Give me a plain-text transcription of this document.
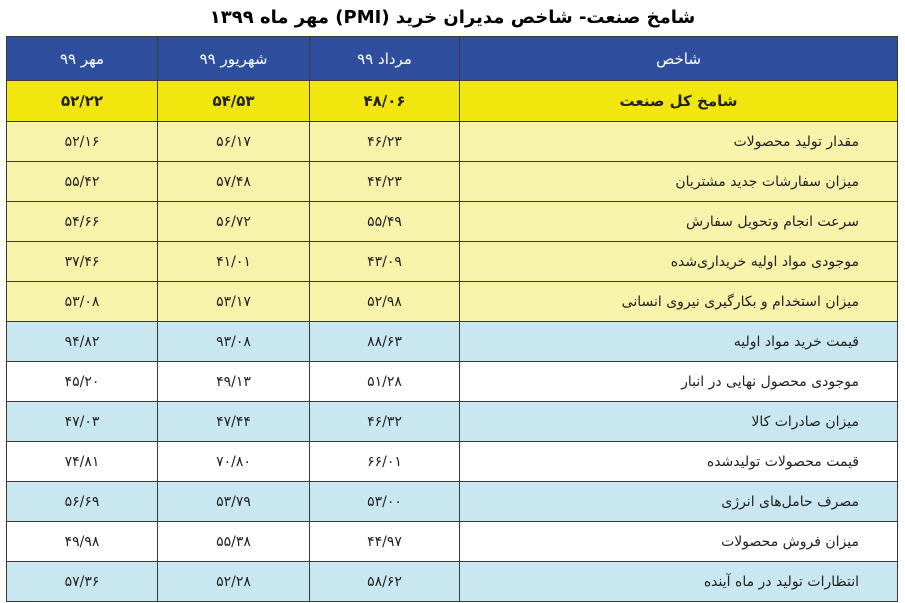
شامخ صنعت- شاخص مدیران خرید (PMI) مهر ماه ۱۳۹۹
شاخص	مرداد ۹۹	شهریور ۹۹	مهر ۹۹
شامخ کل صنعت	۴۸/۰۶	۵۴/۵۳	۵۲/۲۲
مقدار تولید محصولات	۴۶/۲۳	۵۶/۱۷	۵۲/۱۶
میزان سفارشات جدید مشتریان	۴۴/۲۳	۵۷/۴۸	۵۵/۴۲
سرعت انجام وتحویل سفارش	۵۵/۴۹	۵۶/۷۲	۵۴/۶۶
موجودی مواد اولیه خریداری‌شده	۴۳/۰۹	۴۱/۰۱	۳۷/۴۶
میزان استخدام و بکارگیری نیروی انسانی	۵۲/۹۸	۵۳/۱۷	۵۳/۰۸
قیمت خرید مواد اولیه	۸۸/۶۳	۹۳/۰۸	۹۴/۸۲
موجودی محصول نهایی در انبار	۵۱/۲۸	۴۹/۱۳	۴۵/۲۰
میزان صادرات کالا	۴۶/۳۲	۴۷/۴۴	۴۷/۰۳
قیمت محصولات تولیدشده	۶۶/۰۱	۷۰/۸۰	۷۴/۸۱
مصرف حامل‌های انرژی	۵۳/۰۰	۵۳/۷۹	۵۶/۶۹
میزان فروش محصولات	۴۴/۹۷	۵۵/۳۸	۴۹/۹۸
انتظارات تولید در ماه آینده	۵۸/۶۲	۵۲/۲۸	۵۷/۳۶
